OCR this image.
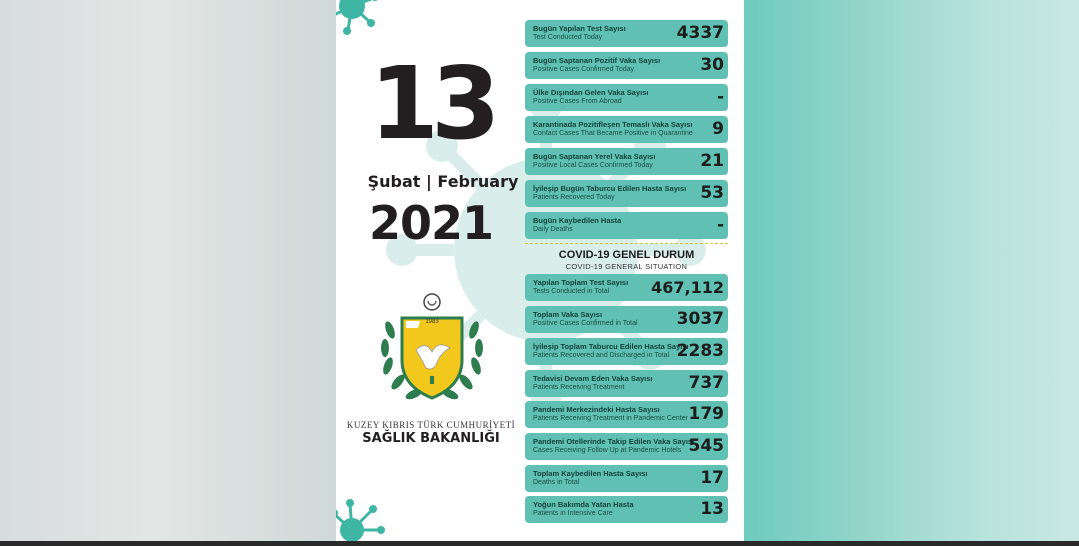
13
Şubat | February
2021
1983
KUZEY KIBRIS TÜRK CUMHURİYETİ
SAĞLIK BAKANLIĞI
Bugün Yapılan Test Sayısı
Test Conducted Today	4337
Bugün Saptanan Pozitif Vaka Sayısı
Positive Cases Confirmed Today	30
Ülke Dışından Gelen Vaka Sayısı
Positive Cases From Abroad	-
Karantinada Pozitifleşen Temaslı Vaka Sayısı
Contact Cases That Became Positive in Quarantine 9
Bugün Saptanan Yerel Vaka Sayısı
Positive Local Cases Confirmed Today	21
İyileşip Bugün Taburcu Edilen Hasta Sayısı
Patients Recovered Today	53
Bugün Kaybedilen Hasta
Daily Deaths	-
COVID-19 GENEL DURUM
COVID-19 GENERAL SITUATION
Yapılan Toplam Test Sayısı
Tests Conducted in Total	467,112
Toplam Vaka Sayısı
Positive Cases Confirmed in Total 3037
İyileşip Toplam Taburcu Edilen Hasta Sayısı
Patients Recovered and Discharged in Total 2283
Tedavisi Devam Eden Vaka Sayısı
Patients Receiving Treatment	737
Pandemi Merkezindeki Hasta Sayısı
Patients Receiving Treatment in Pandemic Center 179
Pandemi Otellerinde Takip Edilen Vaka Sayısı
Cases Receiving Follow Up at Pandemic Hotels 545
Toplam Kaybedilen Hasta Sayısı
Deaths in Total	17
Yoğun Bakımda Yatan Hasta
Patients in Intensive Care	13
